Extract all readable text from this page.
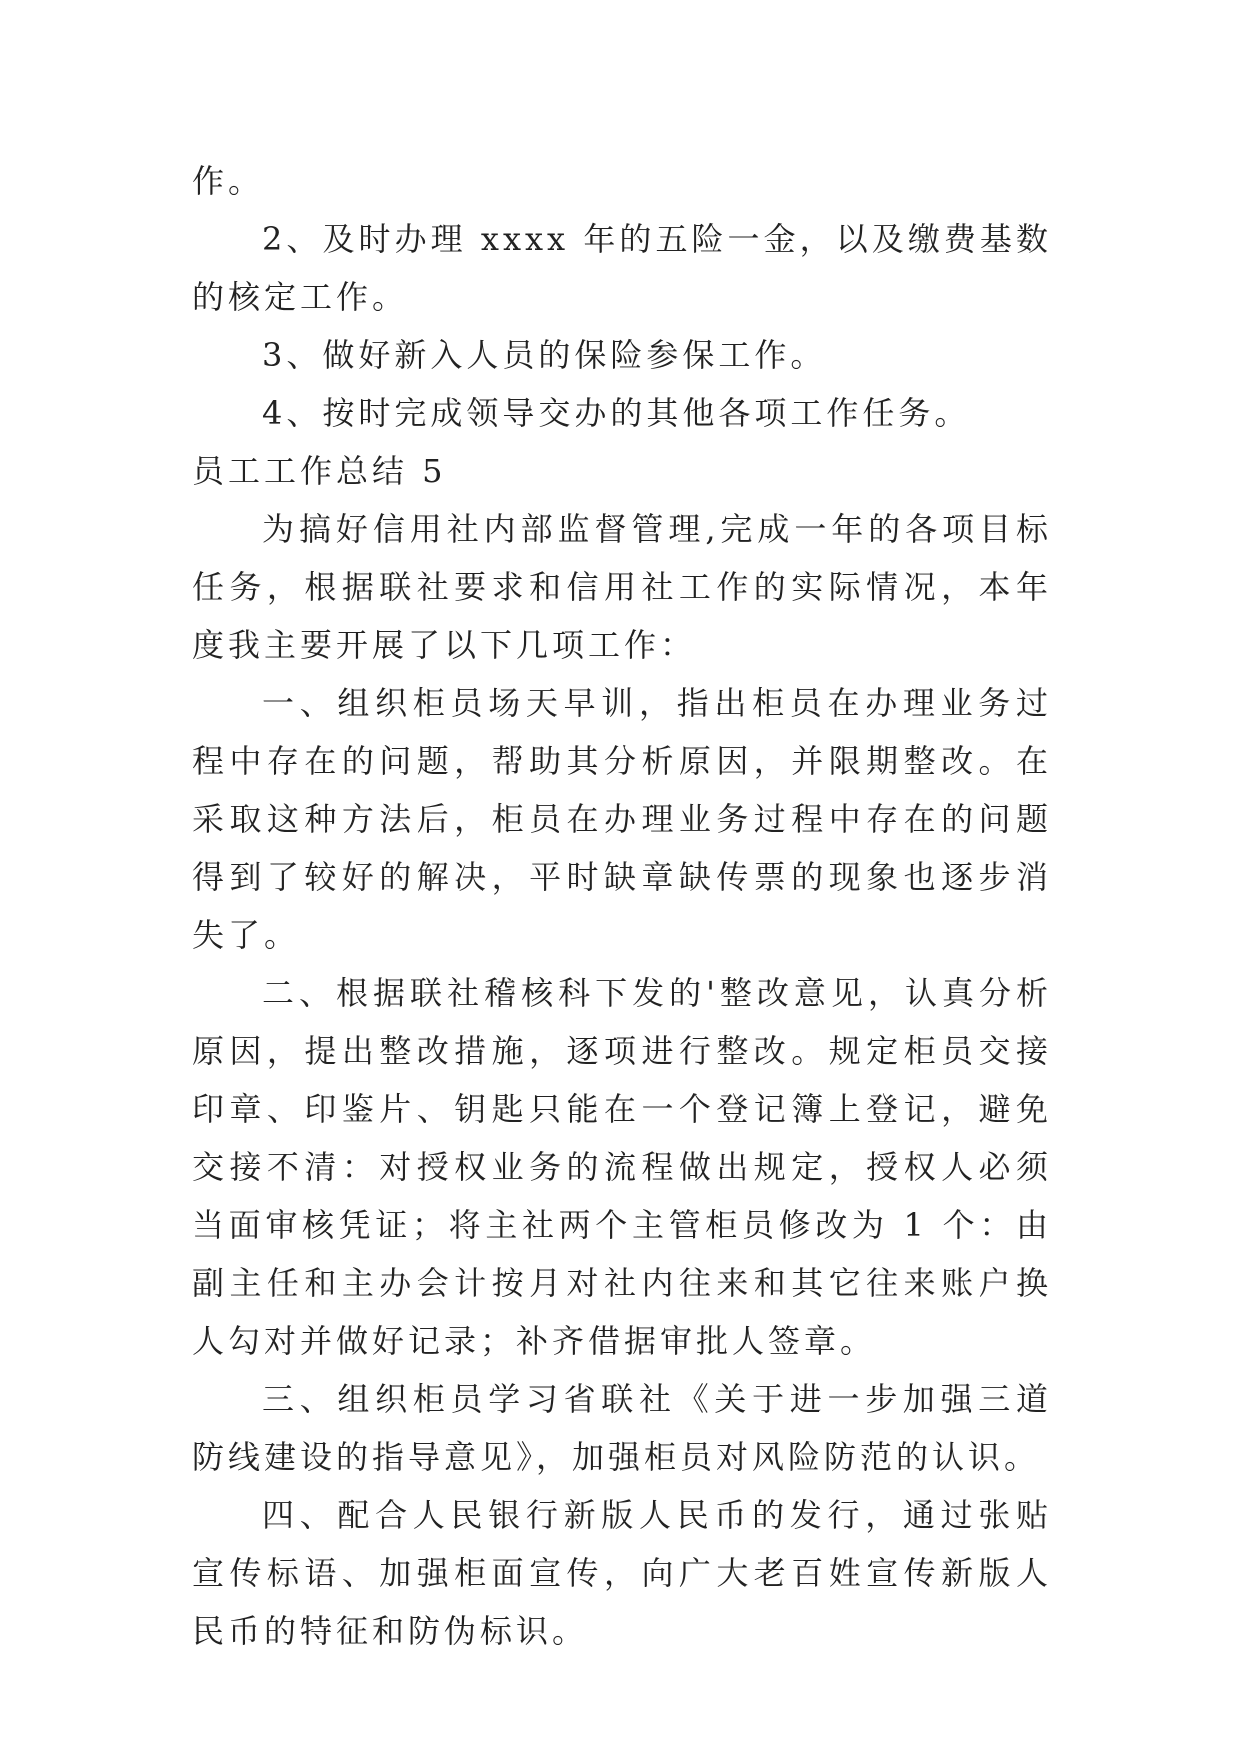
作。

2、及时办理 xxxx 年的五险一金，以及缴费基数的核定工作。

3、做好新入人员的保险参保工作。

4、按时完成领导交办的其他各项工作任务。

员工工作总结 5

为搞好信用社内部监督管理,完成一年的各项目标任务，根据联社要求和信用社工作的实际情况，本年度我主要开展了以下几项工作：

一、组织柜员场天早训，指出柜员在办理业务过程中存在的问题，帮助其分析原因，并限期整改。在采取这种方法后，柜员在办理业务过程中存在的问题得到了较好的解决，平时缺章缺传票的现象也逐步消失了。

二、根据联社稽核科下发的'整改意见，认真分析原因，提出整改措施，逐项进行整改。规定柜员交接印章、印鉴片、钥匙只能在一个登记簿上登记，避免交接不清：对授权业务的流程做出规定，授权人必须当面审核凭证；将主社两个主管柜员修改为 1 个：由副主任和主办会计按月对社内往来和其它往来账户换人勾对并做好记录；补齐借据审批人签章。

三、组织柜员学习省联社《关于进一步加强三道防线建设的指导意见》，加强柜员对风险防范的认识。

四、配合人民银行新版人民币的发行，通过张贴宣传标语、加强柜面宣传，向广大老百姓宣传新版人民币的特征和防伪标识。
